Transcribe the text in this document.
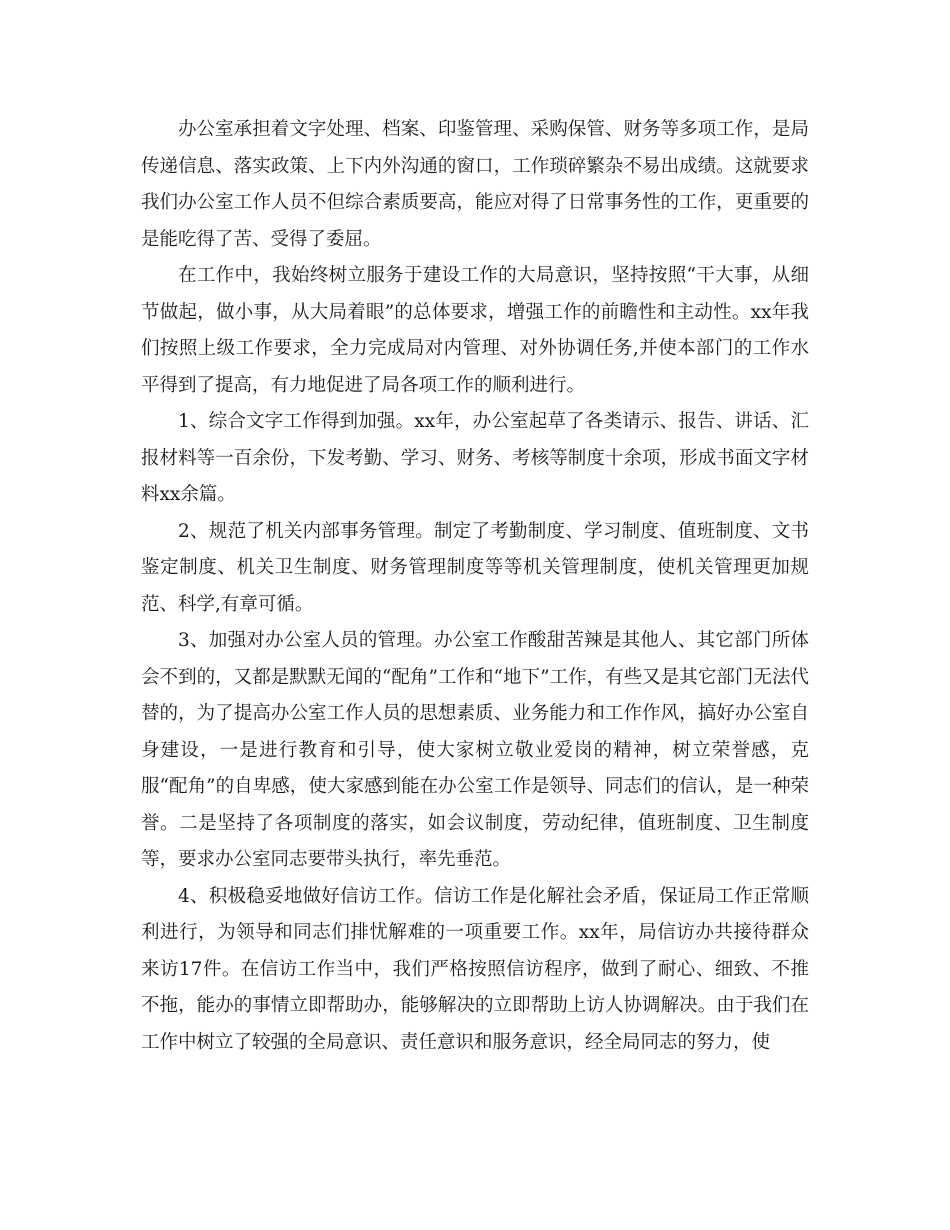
办公室承担着文字处理、档案、印鉴管理、采购保管、财务等多项工作，是局传递信息、落实政策、上下内外沟通的窗口，工作琐碎繁杂不易出成绩。这就要求我们办公室工作人员不但综合素质要高，能应对得了日常事务性的工作，更重要的是能吃得了苦、受得了委屈。

在工作中，我始终树立服务于建设工作的大局意识，坚持按照“干大事，从细节做起，做小事，从大局着眼”的总体要求，增强工作的前瞻性和主动性。xx年我们按照上级工作要求，全力完成局对内管理、对外协调任务,并使本部门的工作水平得到了提高，有力地促进了局各项工作的顺利进行。

1、综合文字工作得到加强。xx年，办公室起草了各类请示、报告、讲话、汇报材料等一百余份，下发考勤、学习、财务、考核等制度十余项，形成书面文字材料xx余篇。

2、规范了机关内部事务管理。制定了考勤制度、学习制度、值班制度、文书鉴定制度、机关卫生制度、财务管理制度等等机关管理制度，使机关管理更加规范、科学,有章可循。

3、加强对办公室人员的管理。办公室工作酸甜苦辣是其他人、其它部门所体会不到的，又都是默默无闻的“配角”工作和“地下”工作，有些又是其它部门无法代替的，为了提高办公室工作人员的思想素质、业务能力和工作作风，搞好办公室自身建设，一是进行教育和引导，使大家树立敬业爱岗的精神，树立荣誉感，克服“配角”的自卑感，使大家感到能在办公室工作是领导、同志们的信认，是一种荣誉。二是坚持了各项制度的落实，如会议制度，劳动纪律，值班制度、卫生制度等，要求办公室同志要带头执行，率先垂范。

4、积极稳妥地做好信访工作。信访工作是化解社会矛盾，保证局工作正常顺利进行，为领导和同志们排忧解难的一项重要工作。xx年，局信访办共接待群众来访17件。在信访工作当中，我们严格按照信访程序，做到了耐心、细致、不推不拖，能办的事情立即帮助办，能够解决的立即帮助上访人协调解决。由于我们在工作中树立了较强的全局意识、责任意识和服务意识，经全局同志的努力，使
